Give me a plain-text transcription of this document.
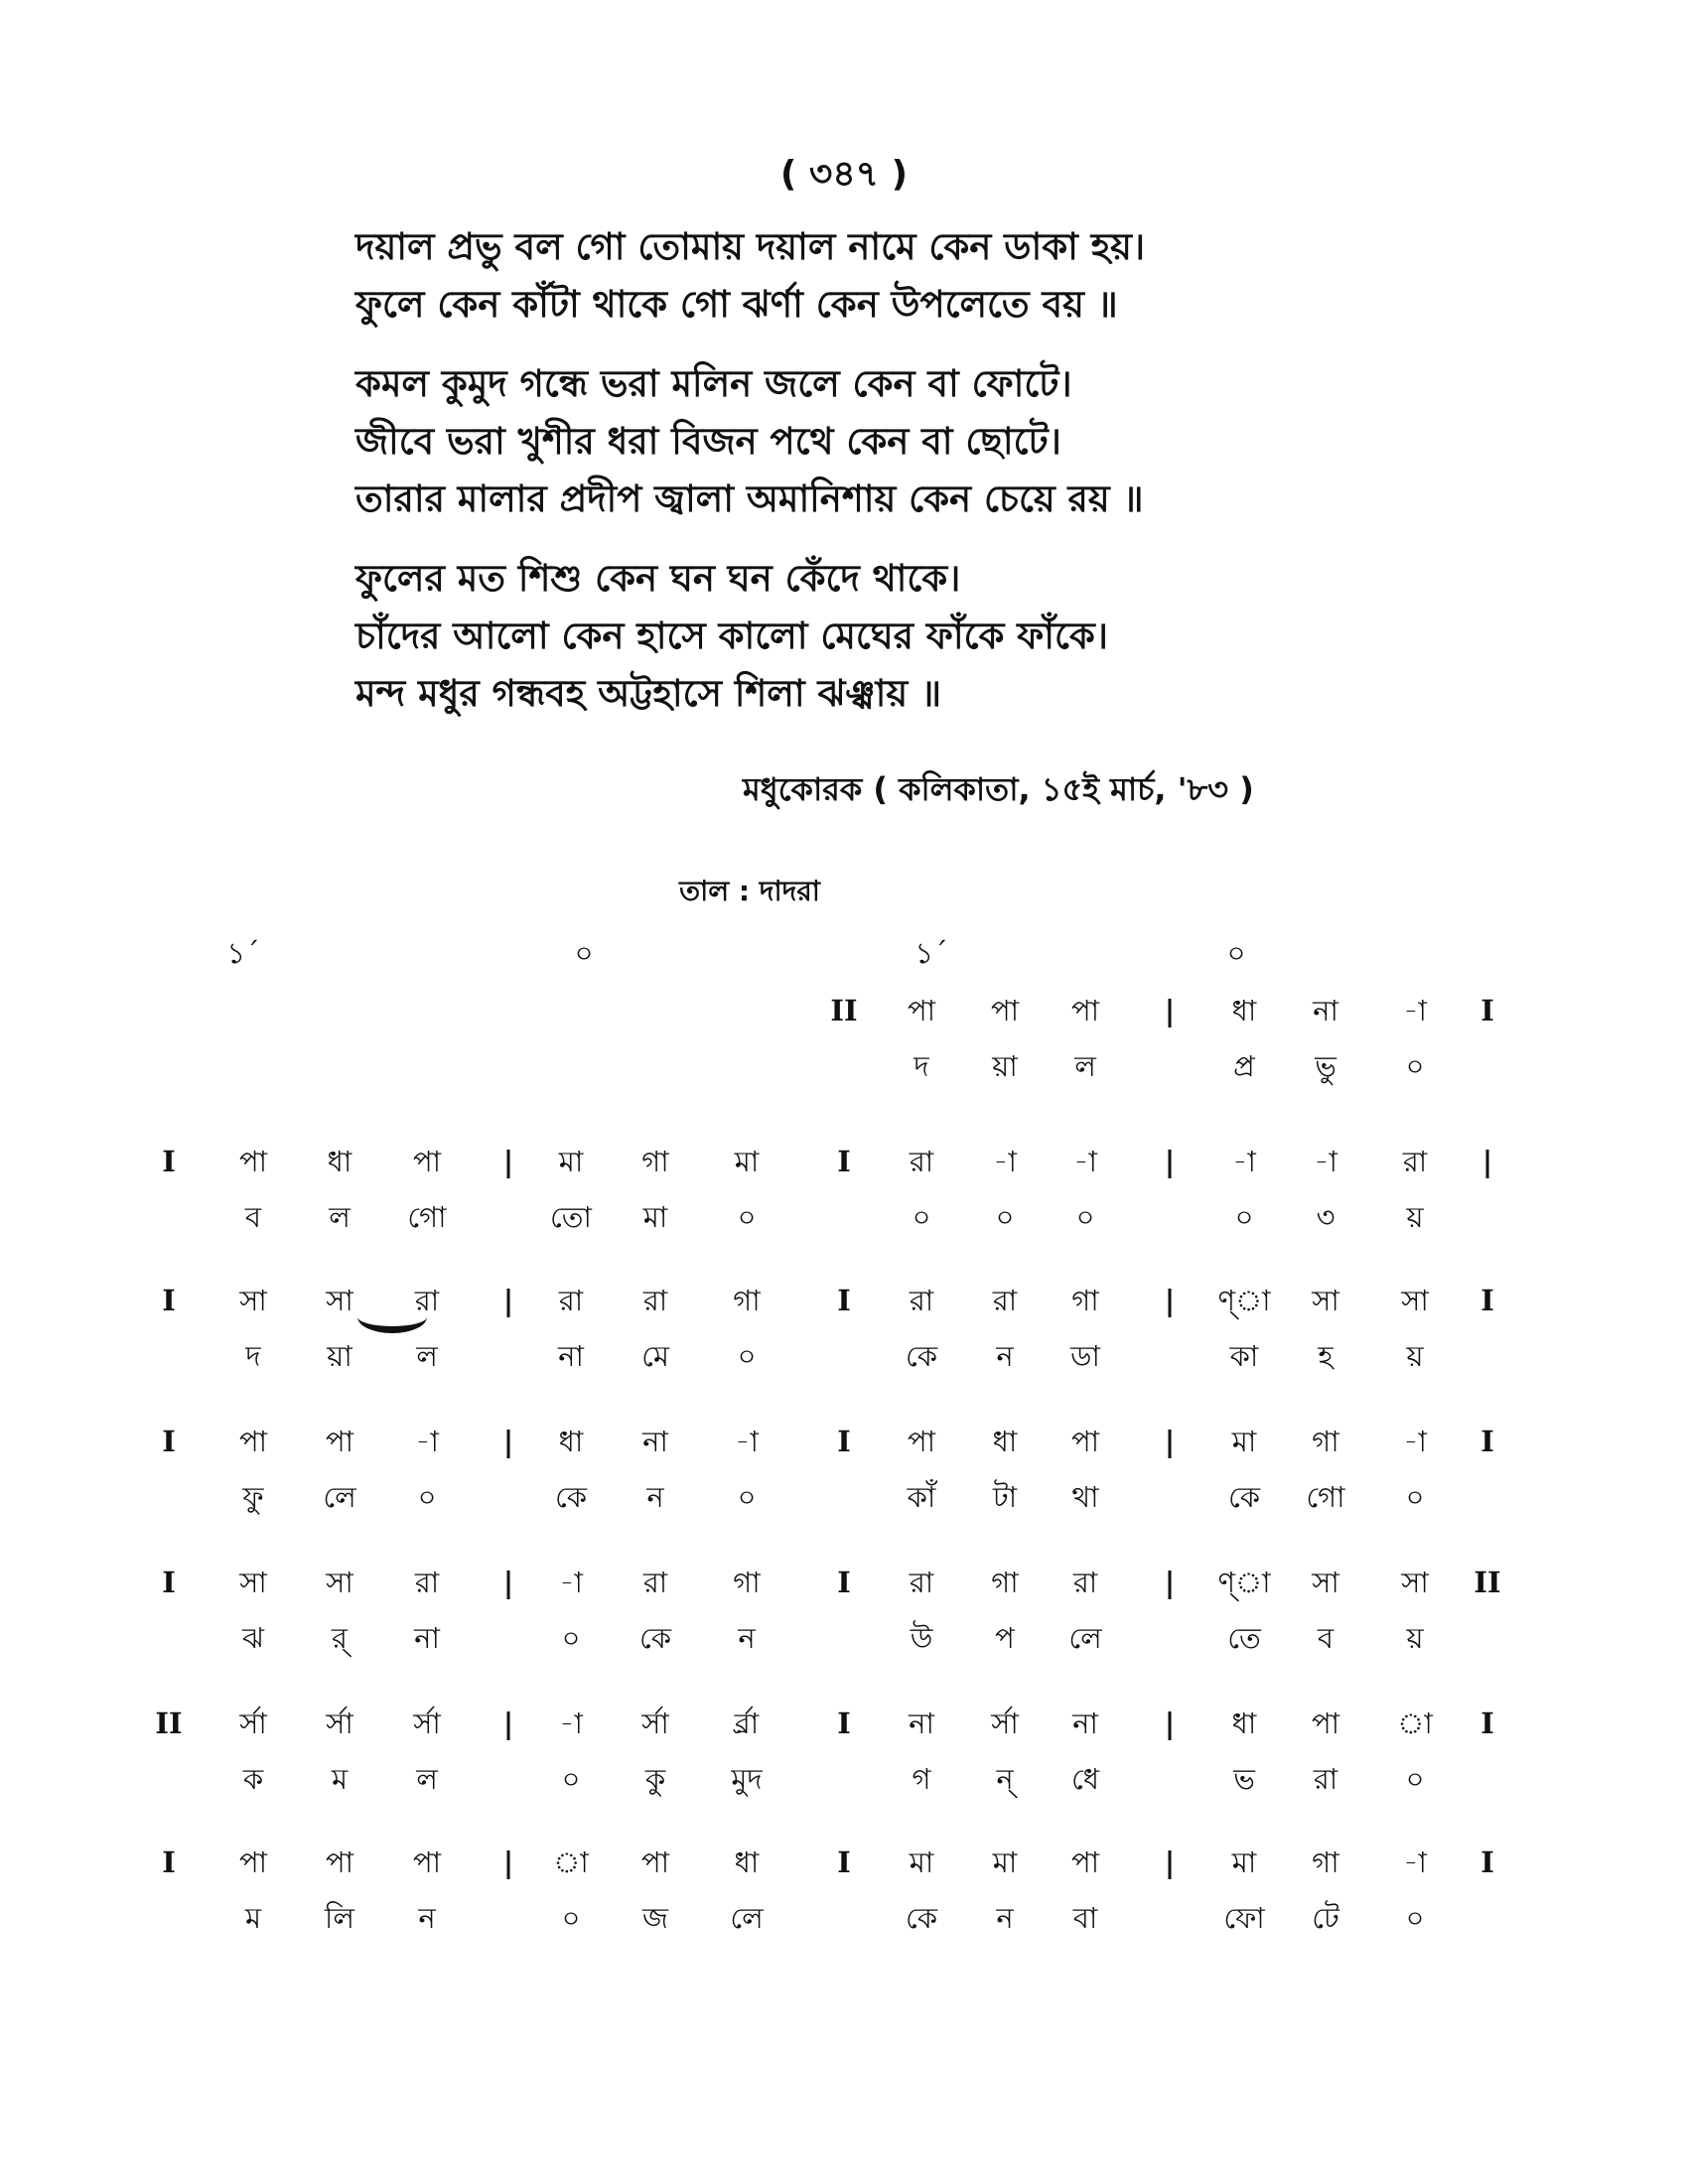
( ৩৪৭ )
দয়াল প্রভু বল গো তোমায় দয়াল নামে কেন ডাকা হয়।
ফুলে কেন কাঁটা থাকে গো ঝর্ণা কেন উপলেতে বয় ॥
কমল কুমুদ গন্ধে ভরা মলিন জলে কেন বা ফোটে।
জীবে ভরা খুশীর ধরা বিজন পথে কেন বা ছোটে।
তারার মালার প্রদীপ জ্বালা অমানিশায় কেন চেয়ে রয় ॥
ফুলের মত শিশু কেন ঘন ঘন কেঁদে থাকে।
চাঁদের আলো কেন হাসে কালো মেঘের ফাঁকে ফাঁকে।
মন্দ মধুর গন্ধবহ অট্টহাসে শিলা ঝঞ্ঝায় ॥
মধুকোরক ( কলিকাতা, ১৫ই মার্চ, '৮৩ )
তাল : দাদরা
১´	০	১´	০
II পা পা পা | ধা না -া I
দ য়া ল	প্র ভু ০
I পা ধা পা | মা গা মা	I রা -া -া | -া -া রা |
ব ল গো	তো মা ০	০ ০ ০	০ ৩ য়
I সা সা রা | রা রা গা	I রা রা গা | ণ্া সা সা I
দ য়া ল	না মে ০	কে ন ডা	কা হ	য়
I পা পা -া | ধা না -া	I পা ধা পা | মা গা -া I
ফু লে ০	কে ন	০	কাঁ টা থা	কে গো ০
I সা সা রা | -া রা গা	I রা গা রা | ণ্া সা সা II
ঝ র্ না	০ কে ন	উ প লে	তে ব	য়
II র্সা র্সা র্সা | -া র্সা র্র্রা	I না র্সা না | ধা পা া I
ক ম ল	০ কু মুদ	গ ন্ ধে	ভ রা ০
I পা পা পা | া পা ধা	I মা মা পা | মা গা -া I
ম লি ন	০ জ লে	কে ন বা	ফো টে ০
